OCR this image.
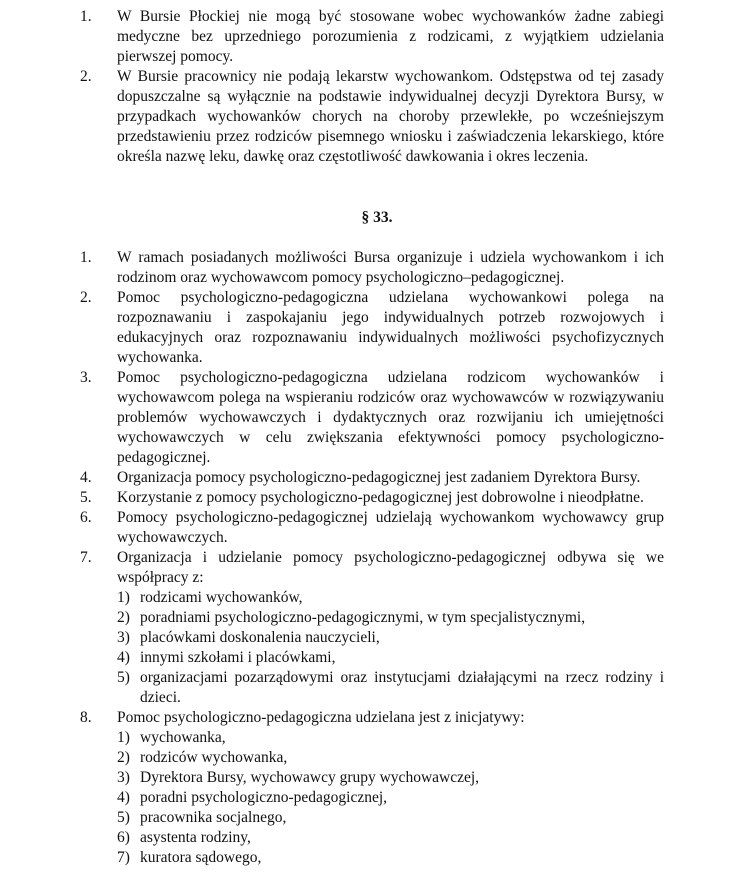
1. W Bursie Płockiej nie mogą być stosowane wobec wychowanków żadne zabiegi medyczne bez uprzedniego porozumienia z rodzicami, z wyjątkiem udzielania pierwszej pomocy.
2. W Bursie pracownicy nie podają lekarstw wychowankom. Odstępstwa od tej zasady dopuszczalne są wyłącznie na podstawie indywidualnej decyzji Dyrektora Bursy, w przypadkach wychowanków chorych na choroby przewlekłe, po wcześniejszym przedstawieniu przez rodziców pisemnego wniosku i zaświadczenia lekarskiego, które określa nazwę leku, dawkę oraz częstotliwość dawkowania i okres leczenia.
§ 33.
1. W ramach posiadanych możliwości Bursa organizuje i udziela wychowankom i ich rodzinom oraz wychowawcom pomocy psychologiczno–pedagogicznej.
2. Pomoc psychologiczno-pedagogiczna udzielana wychowankowi polega na rozpoznawaniu i zaspokajaniu jego indywidualnych potrzeb rozwojowych i edukacyjnych oraz rozpoznawaniu indywidualnych możliwości psychofizycznych wychowanka.
3. Pomoc psychologiczno-pedagogiczna udzielana rodzicom wychowanków i wychowawcom polega na wspieraniu rodziców oraz wychowawców w rozwiązywaniu problemów wychowawczych i dydaktycznych oraz rozwijaniu ich umiejętności wychowawczych w celu zwiększania efektywności pomocy psychologiczno-pedagogicznej.
4. Organizacja pomocy psychologiczno-pedagogicznej jest zadaniem Dyrektora Bursy.
5. Korzystanie z pomocy psychologiczno-pedagogicznej jest dobrowolne i nieodpłatne.
6. Pomocy psychologiczno-pedagogicznej udzielają wychowankom wychowawcy grup wychowawczych.
7. Organizacja i udzielanie pomocy psychologiczno-pedagogicznej odbywa się we współpracy z:
1) rodzicami wychowanków,
2) poradniami psychologiczno-pedagogicznymi, w tym specjalistycznymi,
3) placówkami doskonalenia nauczycieli,
4) innymi szkołami i placówkami,
5) organizacjami pozarządowymi oraz instytucjami działającymi na rzecz rodziny i dzieci.
8. Pomoc psychologiczno-pedagogiczna udzielana jest z inicjatywy:
1) wychowanka,
2) rodziców wychowanka,
3) Dyrektora Bursy, wychowawcy grupy wychowawczej,
4) poradni psychologiczno-pedagogicznej,
5) pracownika socjalnego,
6) asystenta rodziny,
7) kuratora sądowego,
